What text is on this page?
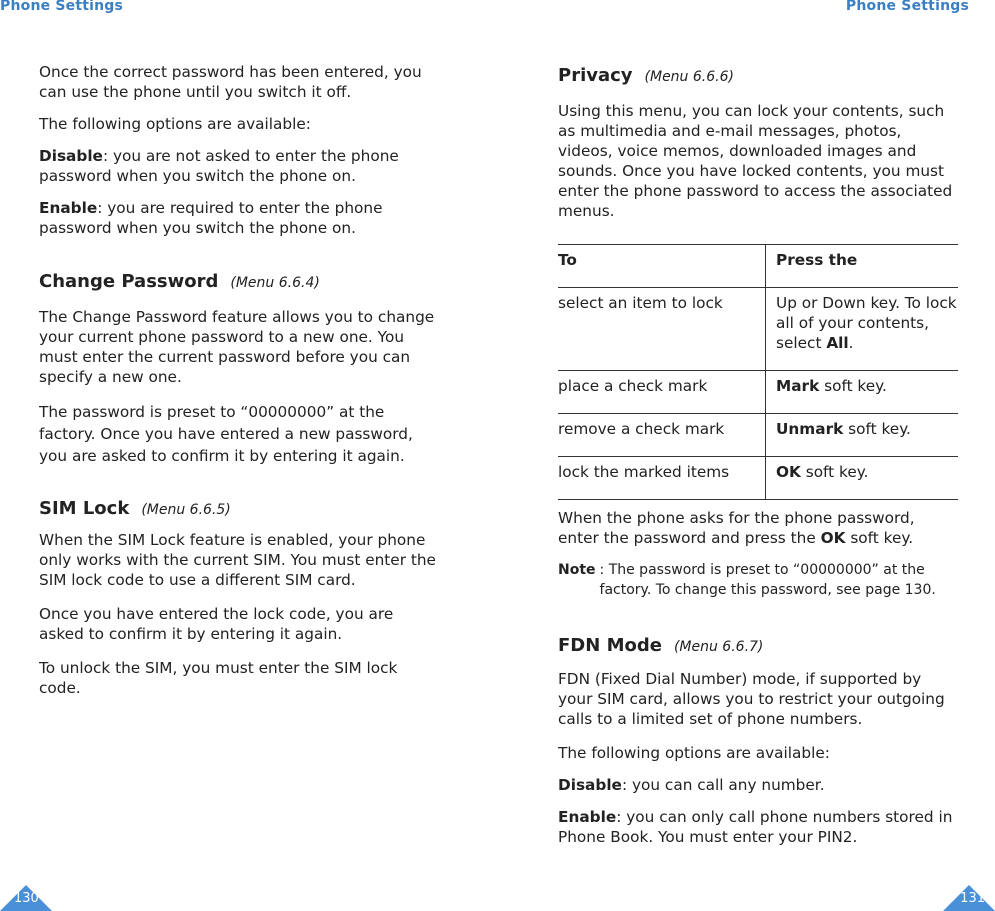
Phone Settings	Phone Settings

Once the correct password has been entered, you can use the phone until you switch it off.

The following options are available:

Disable: you are not asked to enter the phone password when you switch the phone on.

Enable: you are required to enter the phone password when you switch the phone on.

Change Password (Menu 6.6.4)

The Change Password feature allows you to change your current phone password to a new one. You must enter the current password before you can specify a new one.

The password is preset to “00000000” at the factory. Once you have entered a new password, you are asked to confirm it by entering it again.

SIM Lock (Menu 6.6.5)

When the SIM Lock feature is enabled, your phone only works with the current SIM. You must enter the SIM lock code to use a different SIM card.

Once you have entered the lock code, you are asked to confirm it by entering it again.

To unlock the SIM, you must enter the SIM lock code.

Privacy (Menu 6.6.6)

Using this menu, you can lock your contents, such as multimedia and e-mail messages, photos, videos, voice memos, downloaded images and sounds. Once you have locked contents, you must enter the phone password to access the associated menus.

To	Press the
select an item to lock	Up or Down key. To lock all of your contents, select All.
place a check mark	Mark soft key.
remove a check mark	Unmark soft key.
lock the marked items	OK soft key.

When the phone asks for the phone password, enter the password and press the OK soft key.

Note : The password is preset to “00000000” at the factory. To change this password, see page 130.
FDN Mode (Menu 6.6.7)

FDN (Fixed Dial Number) mode, if supported by your SIM card, allows you to restrict your outgoing calls to a limited set of phone numbers.

The following options are available:

Disable: you can call any number.

Enable: you can only call phone numbers stored in Phone Book. You must enter your PIN2.

130	131
